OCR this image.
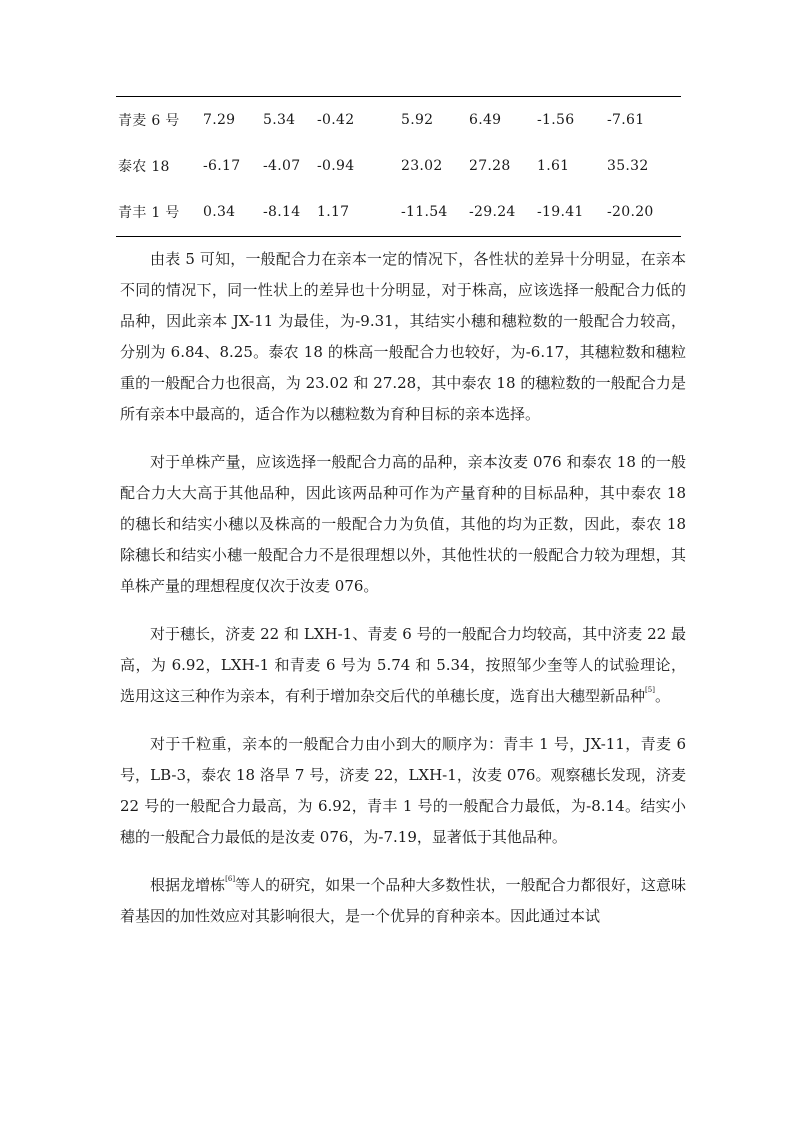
青麦 6 号	7.29	5.34	-0.42	5.92	6.49	-1.56	-7.61
泰农 18	-6.17	-4.07	-0.94	23.02	27.28	1.61	35.32
青丰 1 号	0.34	-8.14	1.17	-11.54	-29.24	-19.41	-20.20

由表 5 可知，一般配合力在亲本一定的情况下，各性状的差异十分明显，在亲本不同的情况下，同一性状上的差异也十分明显，对于株高，应该选择一般配合力低的品种，因此亲本 JX-11 为最佳，为-9.31，其结实小穗和穗粒数的一般配合力较高，分别为 6.84、8.25。泰农 18 的株高一般配合力也较好，为-6.17，其穗粒数和穗粒重的一般配合力也很高，为 23.02 和 27.28，其中泰农 18 的穗粒数的一般配合力是所有亲本中最高的，适合作为以穗粒数为育种目标的亲本选择。

对于单株产量，应该选择一般配合力高的品种，亲本汝麦 076 和泰农 18 的一般配合力大大高于其他品种，因此该两品种可作为产量育种的目标品种，其中泰农 18 的穗长和结实小穗以及株高的一般配合力为负值，其他的均为正数，因此，泰农 18 除穗长和结实小穗一般配合力不是很理想以外，其他性状的一般配合力较为理想，其单株产量的理想程度仅次于汝麦 076。

对于穗长，济麦 22 和 LXH-1、青麦 6 号的一般配合力均较高，其中济麦 22 最高，为 6.92，LXH-1 和青麦 6 号为 5.74 和 5.34，按照邹少奎等人的试验理论，选用这这三种作为亲本，有利于增加杂交后代的单穗长度，选育出大穗型新品种[5]。

对于千粒重，亲本的一般配合力由小到大的顺序为：青丰 1 号，JX-11，青麦 6 号，LB-3，泰农 18 洛旱 7 号，济麦 22，LXH-1，汝麦 076。观察穗长发现，济麦 22 号的一般配合力最高，为 6.92，青丰 1 号的一般配合力最低，为-8.14。结实小穗的一般配合力最低的是汝麦 076，为-7.19，显著低于其他品种。

根据龙增栋[6]等人的研究，如果一个品种大多数性状，一般配合力都很好，这意味着基因的加性效应对其影响很大，是一个优异的育种亲本。因此通过本试
